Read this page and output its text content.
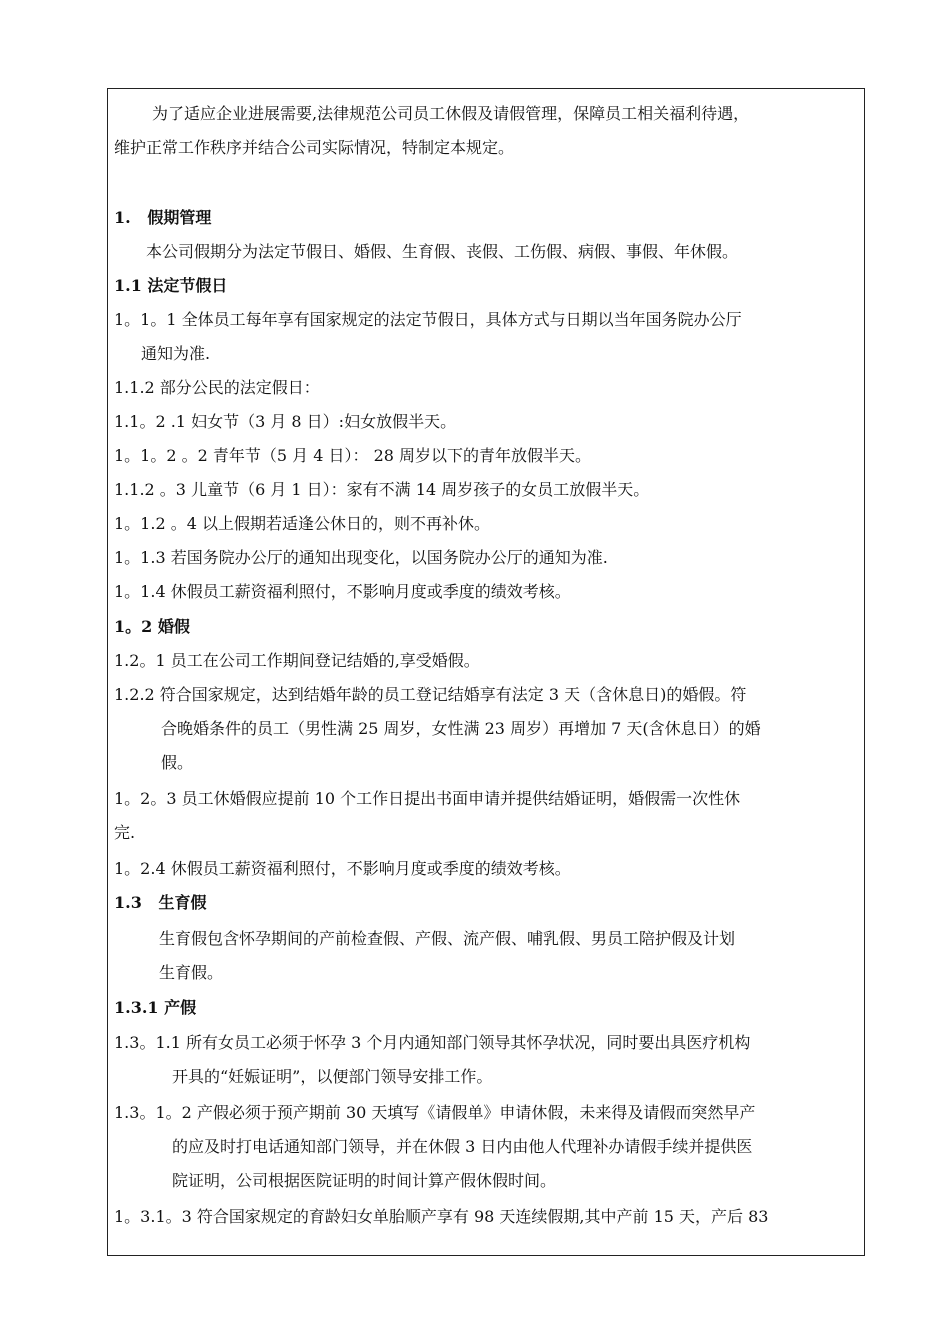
为了适应企业进展需要,法律规范公司员工休假及请假管理，保障员工相关福利待遇，
维护正常工作秩序并结合公司实际情况，特制定本规定。
1.   假期管理
本公司假期分为法定节假日、婚假、生育假、丧假、工伤假、病假、事假、年休假。
1.1 法定节假日
1。1。1 全体员工每年享有国家规定的法定节假日，具体方式与日期以当年国务院办公厅
通知为准.
1.1.2 部分公民的法定假日：
1.1。2 .1 妇女节（3 月 8 日）:妇女放假半天。
1。1。2 。2 青年节（5 月 4 日）： 28 周岁以下的青年放假半天。
1.1.2 。3 儿童节（6 月 1 日）：家有不满 14 周岁孩子的女员工放假半天。
1。1.2 。4 以上假期若适逢公休日的，则不再补休。
1。1.3 若国务院办公厅的通知出现变化，以国务院办公厅的通知为准.
1。1.4 休假员工薪资福利照付，不影响月度或季度的绩效考核。
1。2 婚假
1.2。1 员工在公司工作期间登记结婚的,享受婚假。
1.2.2 符合国家规定，达到结婚年龄的员工登记结婚享有法定 3 天（含休息日)的婚假。符
合晚婚条件的员工（男性满 25 周岁，女性满 23 周岁）再增加 7 天(含休息日）的婚
假。
1。2。3 员工休婚假应提前 10 个工作日提出书面申请并提供结婚证明，婚假需一次性休
完.
1。2.4 休假员工薪资福利照付，不影响月度或季度的绩效考核。
1.3   生育假
生育假包含怀孕期间的产前检查假、产假、流产假、哺乳假、男员工陪护假及计划
生育假。
1.3.1 产假
1.3。1.1 所有女员工必须于怀孕 3 个月内通知部门领导其怀孕状况，同时要出具医疗机构
开具的“妊娠证明”，以便部门领导安排工作。
1.3。1。2 产假必须于预产期前 30 天填写《请假单》申请休假，未来得及请假而突然早产
的应及时打电话通知部门领导，并在休假 3 日内由他人代理补办请假手续并提供医
院证明，公司根据医院证明的时间计算产假休假时间。
1。3.1。3 符合国家规定的育龄妇女单胎顺产享有 98 天连续假期,其中产前 15 天，产后 83
